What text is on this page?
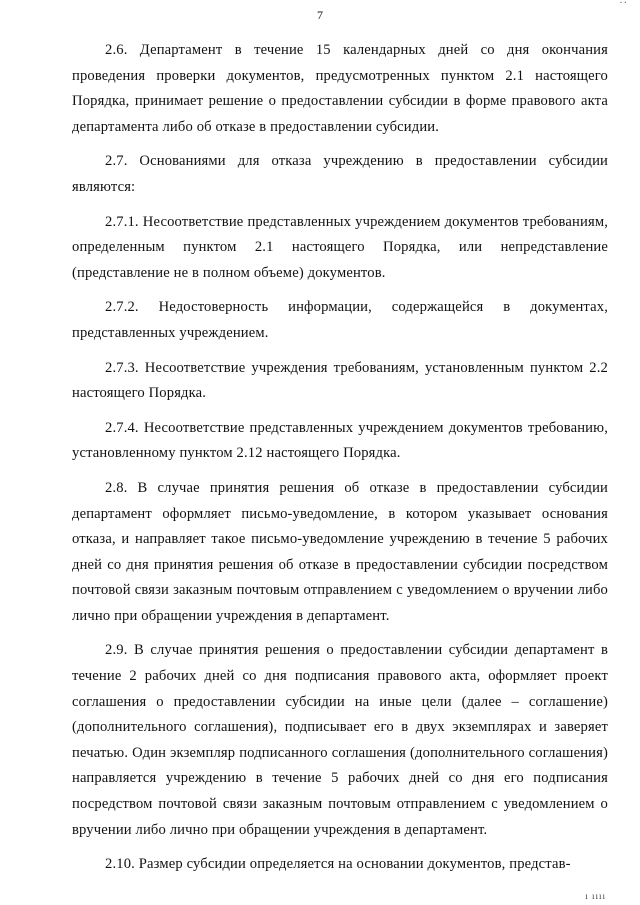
··
7

2.6. Департамент в течение 15 календарных дней со дня окончания проведения проверки документов, предусмотренных пунктом 2.1 настоящего Порядка, принимает решение о предоставлении субсидии в форме правового акта департамента либо об отказе в предоставлении субсидии.

2.7. Основаниями для отказа учреждению в предоставлении субсидии являются:

2.7.1. Несоответствие представленных учреждением документов требованиям, определенным пунктом 2.1 настоящего Порядка, или непредставление (представление не в полном объеме) документов.

2.7.2. Недостоверность информации, содержащейся в документах, представленных учреждением.

2.7.3. Несоответствие учреждения требованиям, установленным пунктом 2.2 настоящего Порядка.

2.7.4. Несоответствие представленных учреждением документов требованию, установленному пунктом 2.12 настоящего Порядка.

2.8. В случае принятия решения об отказе в предоставлении субсидии департамент оформляет письмо-уведомление, в котором указывает основания отказа, и направляет такое письмо-уведомление учреждению в течение 5 рабочих дней со дня принятия решения об отказе в предоставлении субсидии посредством почтовой связи заказным почтовым отправлением с уведомлением о вручении либо лично при обращении учреждения в департамент.

2.9. В случае принятия решения о предоставлении субсидии департамент в течение 2 рабочих дней со дня подписания правового акта, оформляет проект соглашения о предоставлении субсидии на иные цели (далее – соглашение) (дополнительного соглашения), подписывает его в двух экземплярах и заверяет печатью. Один экземпляр подписанного соглашения (дополнительного соглашения) направляется учреждению в течение 5 рабочих дней со дня его подписания посредством почтовой связи заказным почтовым отправлением с уведомлением о вручении либо лично при обращении учреждения в департамент.

2.10. Размер субсидии определяется на основании документов, представ-

ı ıııı
